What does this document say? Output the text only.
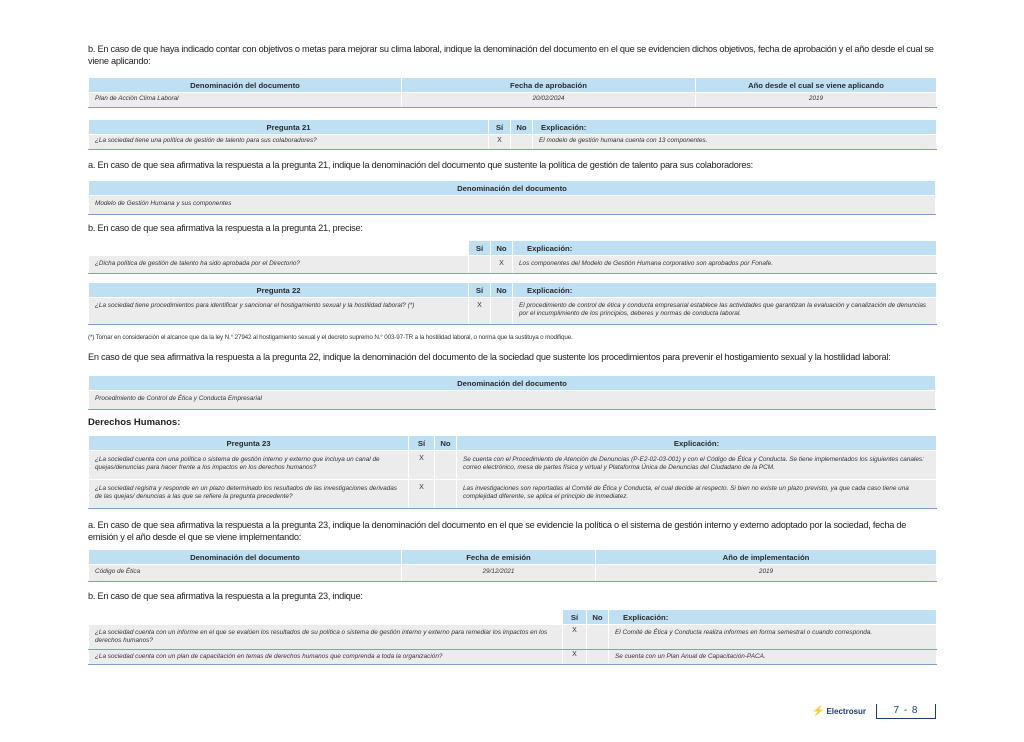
b. En caso de que haya indicado contar con objetivos o metas para mejorar su clima laboral, indique la denominación del documento en el que se evidencien dichos objetivos, fecha de aprobación y el año desde el cual se viene aplicando:
Denominación del documento	Fecha de aprobación	Año desde el cual se viene aplicando
Plan de Acción Clima Laboral	20/02/2024	2019
Pregunta 21	Sí	No	Explicación:
¿La sociedad tiene una política de gestión de talento para sus colaboradores?	X		El modelo de gestión humana cuenta con 13 componentes.
a. En caso de que sea afirmativa la respuesta a la pregunta 21, indique la denominación del documento que sustente la política de gestión de talento para sus colaboradores:
Denominación del documento
Modelo de Gestión Humana y sus componentes
b. En caso de que sea afirmativa la respuesta a la pregunta 21, precise:
	Sí	No	Explicación:
¿Dicha política de gestión de talento ha sido aprobada por el Directorio?		X	Los componentes del Modelo de Gestión Humana corporativo son aprobados por Fonafe.
Pregunta 22	Sí	No	Explicación:
¿La sociedad tiene procedimientos para identificar y sancionar el hostigamiento sexual y la hostilidad laboral? (*)	X		El procedimiento de control de ética y conducta empresarial establece las actividades que garantizan la evaluación y canalización de denuncias por el incumplimiento de los principios, deberes y normas de conducta laboral.
(*) Tomar en consideración el alcance que da la ley N.° 27942 al hostigamiento sexual y el decreto supremo N.° 003-97-TR a la hostilidad laboral, o norma que la sustituya o modifique.
En caso de que sea afirmativa la respuesta a la pregunta 22, indique la denominación del documento de la sociedad que sustente los procedimientos para prevenir el hostigamiento sexual y la hostilidad laboral:
Denominación del documento
Procedimiento de Control de Ética y Conducta Empresarial
Derechos Humanos:
Pregunta 23	Sí	No	Explicación:
¿La sociedad cuenta con una política o sistema de gestión interno y externo que incluya un canal de quejas/denuncias para hacer frente a los impactos en los derechos humanos?	X		Se cuenta con el Procedimiento de Atención de Denuncias (P-E2-02-03-001) y con el Código de Ética y Conducta. Se tiene implementados los siguientes canales: correo electrónico, mesa de partes física y virtual y Plataforma Única de Denuncias del Ciudadano de la PCM.
¿La sociedad registra y responde en un plazo determinado los resultados de las investigaciones derivadas de las quejas/ denuncias a las que se refiere la pregunta precedente?	X		Las investigaciones son reportadas al Comité de Ética y Conducta, el cual decide al respecto. Si bien no existe un plazo previsto, ya que cada caso tiene una complejidad diferente, se aplica el principio de inmediatez.
a. En caso de que sea afirmativa la respuesta a la pregunta 23, indique la denominación del documento en el que se evidencie la política o el sistema de gestión interno y externo adoptado por la sociedad, fecha de emisión y el año desde el que se viene implementando:
Denominación del documento	Fecha de emisión	Año de implementación
Código de Ética	29/12/2021	2019
b. En caso de que sea afirmativa la respuesta a la pregunta 23, indique:
	Sí	No	Explicación:
¿La sociedad cuenta con un informe en el que se evalúen los resultados de su política o sistema de gestión interno y externo para remediar los impactos en los derechos humanos?	X		El Comité de Ética y Conducta realiza informes en forma semestral o cuando corresponda.
¿La sociedad cuenta con un plan de capacitación en temas de derechos humanos que comprenda a toda la organización?	X		Se cuenta con un Plan Anual de Capacitación-PACA.
⚡ Electrosur	7 - 8
